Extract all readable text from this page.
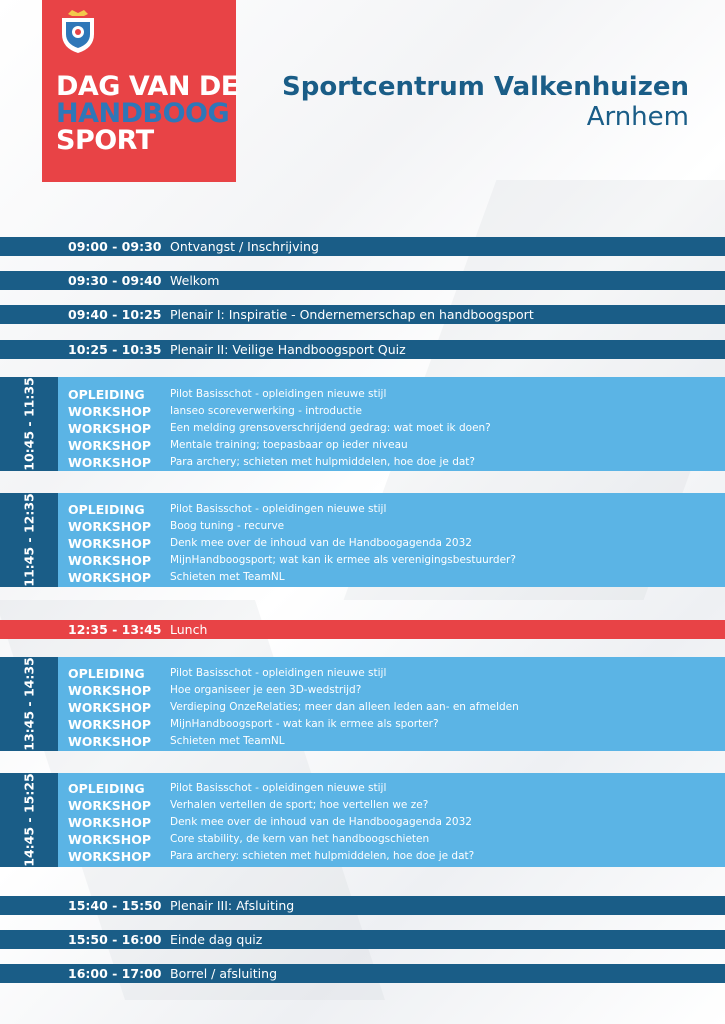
DAG VAN DE
HANDBOOG
SPORT
Sportcentrum Valkenhuizen
Arnhem
09:00 - 09:30 Ontvangst / Inschrijving
09:30 - 09:40 Welkom
09:40 - 10:25 Plenair I: Inspiratie - Ondernemerschap en handboogsport
10:25 - 10:35 Plenair II: Veilige Handboogsport Quiz
10:45 - 11:35	OPLEIDING Pilot Basisschot - opleidingen nieuwe stijl
WORKSHOP Ianseo scoreverwerking - introductie
WORKSHOP Een melding grensoverschrijdend gedrag: wat moet ik doen?
WORKSHOP Mentale training; toepasbaar op ieder niveau
WORKSHOP Para archery; schieten met hulpmiddelen, hoe doe je dat?
11:45 - 12:35	OPLEIDING Pilot Basisschot - opleidingen nieuwe stijl
WORKSHOP Boog tuning - recurve
WORKSHOP Denk mee over de inhoud van de Handboogagenda 2032
WORKSHOP MijnHandboogsport; wat kan ik ermee als verenigingsbestuurder?
WORKSHOP Schieten met TeamNL
12:35 - 13:45 Lunch
13:45 - 14:35	OPLEIDING Pilot Basisschot - opleidingen nieuwe stijl
WORKSHOP Hoe organiseer je een 3D-wedstrijd?
WORKSHOP Verdieping OnzeRelaties; meer dan alleen leden aan- en afmelden
WORKSHOP MijnHandboogsport - wat kan ik ermee als sporter?
WORKSHOP Schieten met TeamNL
14:45 - 15:25	OPLEIDING Pilot Basisschot - opleidingen nieuwe stijl
WORKSHOP Verhalen vertellen de sport; hoe vertellen we ze?
WORKSHOP Denk mee over de inhoud van de Handboogagenda 2032
WORKSHOP Core stability, de kern van het handboogschieten
WORKSHOP Para archery: schieten met hulpmiddelen, hoe doe je dat?
15:40 - 15:50 Plenair III: Afsluiting
15:50 - 16:00 Einde dag quiz
16:00 - 17:00 Borrel / afsluiting
